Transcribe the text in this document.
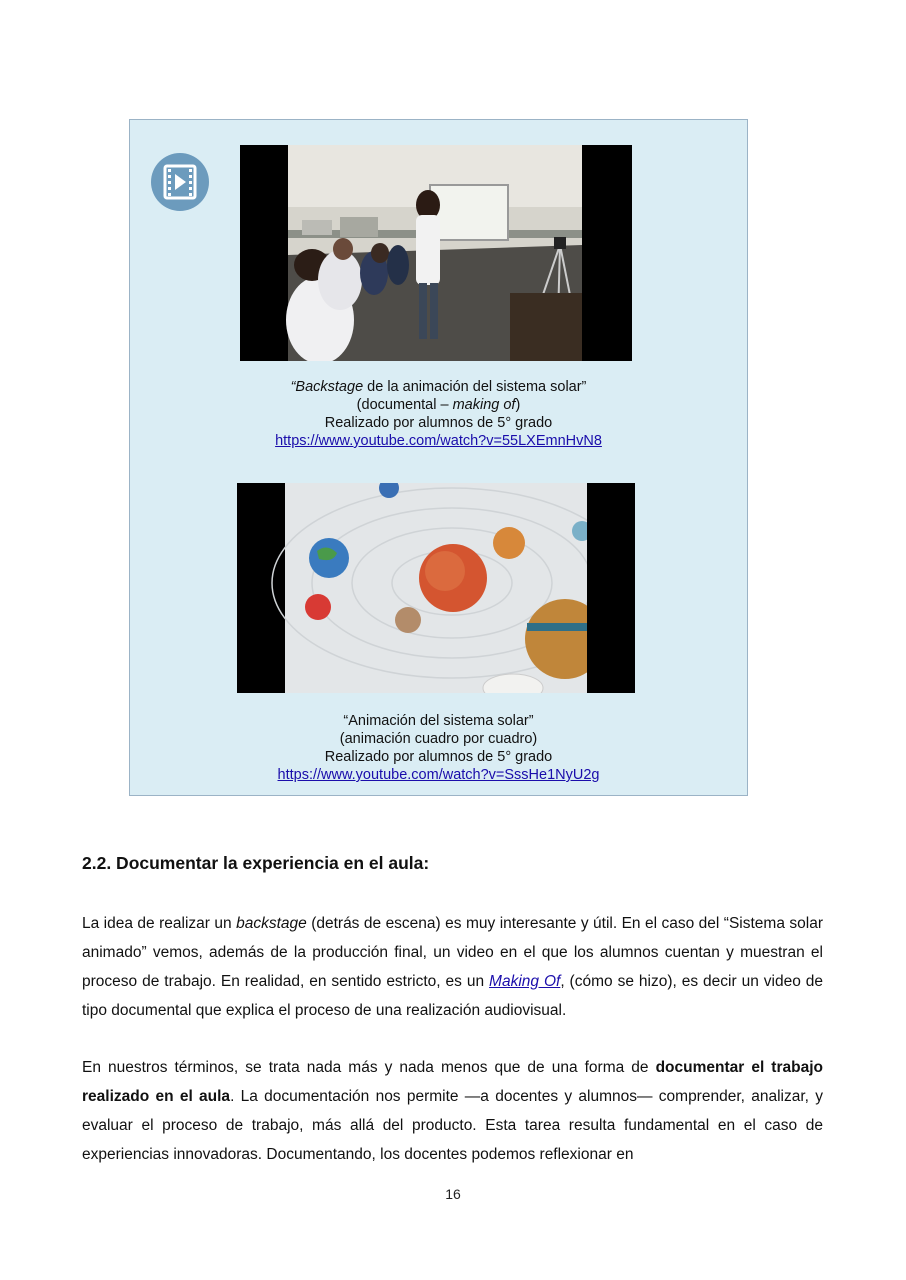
“Backstage de la animación del sistema solar”
(documental – making of)
Realizado por alumnos de 5° grado
https://www.youtube.com/watch?v=55LXEmnHvN8
“Animación del sistema solar”
(animación cuadro por cuadro)
Realizado por alumnos de 5° grado
https://www.youtube.com/watch?v=SssHe1NyU2g
2.2. Documentar la experiencia en el aula:

La idea de realizar un backstage (detrás de escena) es muy interesante y útil. En el caso del “Sistema solar animado” vemos, además de la producción final, un video en el que los alumnos cuentan y muestran el proceso de trabajo. En realidad, en sentido estricto, es un Making Of, (cómo se hizo), es decir un video de tipo documental que explica el proceso de una realización audiovisual.

En nuestros términos, se trata nada más y nada menos que de una forma de documentar el trabajo realizado en el aula. La documentación nos permite —a docentes y alumnos— comprender, analizar, y evaluar el proceso de trabajo, más allá del producto. Esta tarea resulta fundamental en el caso de experiencias innovadoras. Documentando, los docentes podemos reflexionar en

16
